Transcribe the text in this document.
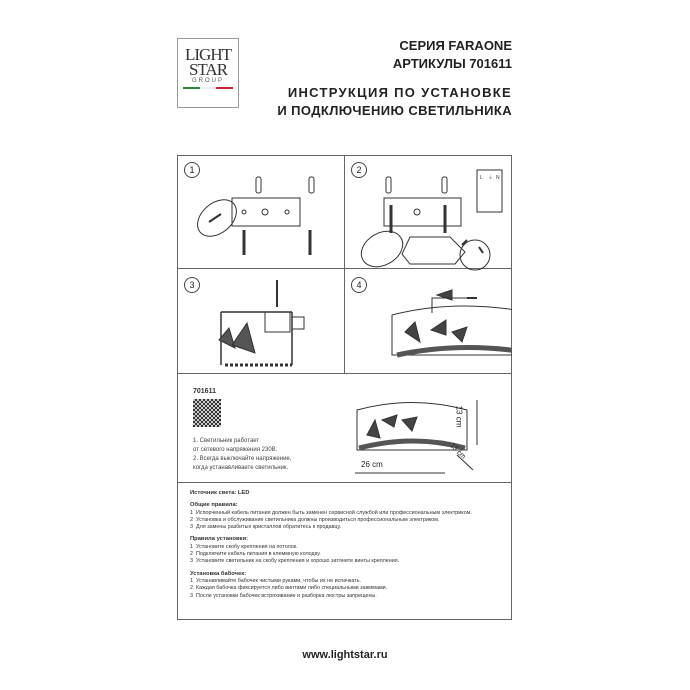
LIGHT
STAR
GROUP
СЕРИЯ FARAONE
АРТИКУЛЫ 701611
ИНСТРУКЦИЯ ПО УСТАНОВКЕ
И ПОДКЛЮЧЕНИЮ СВЕТИЛЬНИКА
1	2
3	4
L ⏚ N
26 cm
13 cm
13 cm
701611
1. Светильник работает
от сетевого напряжения 230В.
2. Всегда выключайте напряжение,
когда устанавливаете светильник.
Источник света: LED
Общие правила:
1  Испорченный кабель питания должен быть заменен сервисной службой или профессиональным электриком.
2  Установка и обслуживание светильника должны производиться профессиональным электриком.
3  Для замены разбитых кристаллов обратитесь к продавцу.
Правила установки:
1  Установите скобу крепления на потолок.
2  Подключите кабель питания в клеммную колодку.
3  Установите светильник на скобу крепления и хорошо затяните винты крепления.
Установка бабочек:
1  Устанавливайте бабочек чистыми руками, чтобы их не испачкать.
2  Каждая бабочка фиксируется либо винтами либо специальными зажимами.
3  После установки бабочек встряхивание и разборка люстры запрещены.
www.lightstar.ru
